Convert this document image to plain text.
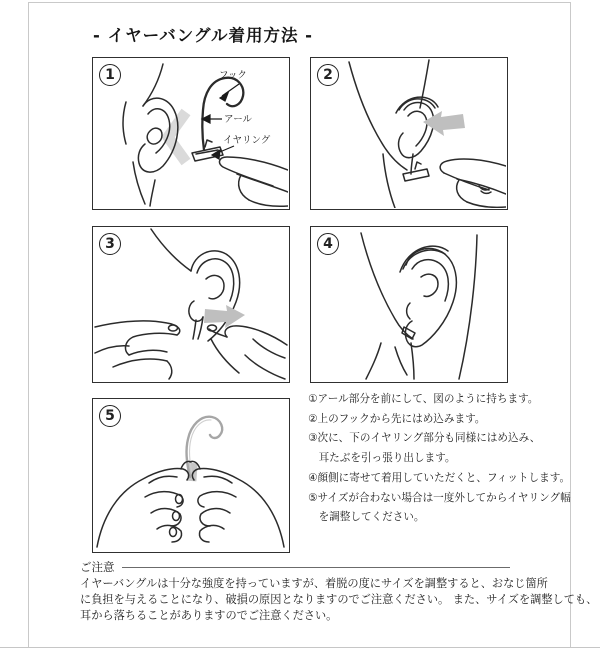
- イヤーバングル着用方法 -
1	フック
アール
イヤリング
2
3	4
5
①アール部分を前にして、図のように持ちます。
②上のフックから先にはめ込みます。
③次に、下のイヤリング部分も同様にはめ込み、
　耳たぶを引っ張り出します。
④顔側に寄せて着用していただくと、フィットします。
⑤サイズが合わない場合は一度外してからイヤリング幅
　を調整してください。
ご注意
イヤーバングルは十分な強度を持っていますが、着脱の度にサイズを調整すると、おなじ箇所
に負担を与えることになり、破損の原因となりますのでご注意ください。 また、サイズを調整しても、
耳から落ちることがありますのでご注意ください。
